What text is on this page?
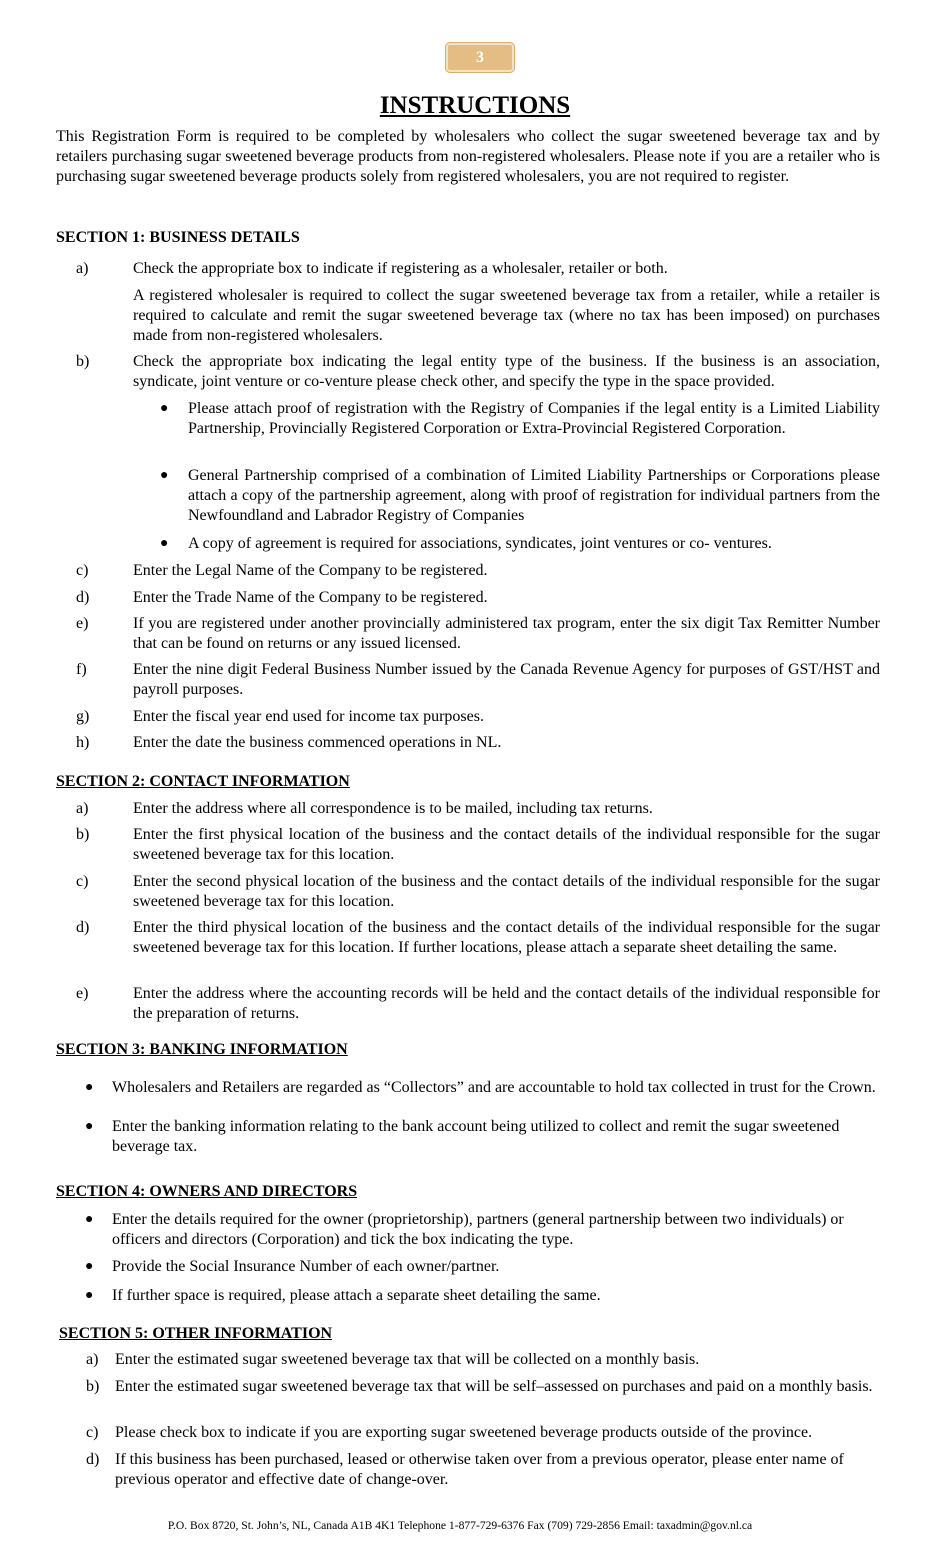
3
INSTRUCTIONS

This Registration Form is required to be completed by wholesalers who collect the sugar sweetened beverage tax and by retailers purchasing sugar sweetened beverage products from non-registered wholesalers. Please note if you are a retailer who is purchasing sugar sweetened beverage products solely from registered wholesalers, you are not required to register.

SECTION 1: BUSINESS DETAILS
a)	Check the appropriate box to indicate if registering as a wholesaler, retailer or both.
A registered wholesaler is required to collect the sugar sweetened beverage tax from a retailer, while a retailer is required to calculate and remit the sugar sweetened beverage tax (where no tax has been imposed) on purchases made from non-registered wholesalers.
b)	Check the appropriate box indicating the legal entity type of the business. If the business is an association, syndicate, joint venture or co-venture please check other, and specify the type in the space provided.
● Please attach proof of registration with the Registry of Companies if the legal entity is a Limited Liability Partnership, Provincially Registered Corporation or Extra-Provincial Registered Corporation.
● General Partnership comprised of a combination of Limited Liability Partnerships or Corporations please attach a copy of the partnership agreement, along with proof of registration for individual partners from the Newfoundland and Labrador Registry of Companies
● A copy of agreement is required for associations, syndicates, joint ventures or co- ventures.
c)	Enter the Legal Name of the Company to be registered.
d)	Enter the Trade Name of the Company to be registered.
e)	If you are registered under another provincially administered tax program, enter the six digit Tax Remitter Number that can be found on returns or any issued licensed.
f)	Enter the nine digit Federal Business Number issued by the Canada Revenue Agency for purposes of GST/HST and payroll purposes.
g)	Enter the fiscal year end used for income tax purposes.
h)	Enter the date the business commenced operations in NL.
SECTION 2: CONTACT INFORMATION
a)	Enter the address where all correspondence is to be mailed, including tax returns.
b)	Enter the first physical location of the business and the contact details of the individual responsible for the sugar sweetened beverage tax for this location.
c)	Enter the second physical location of the business and the contact details of the individual responsible for the sugar sweetened beverage tax for this location.
d)	Enter the third physical location of the business and the contact details of the individual responsible for the sugar sweetened beverage tax for this location. If further locations, please attach a separate sheet detailing the same.
e)	Enter the address where the accounting records will be held and the contact details of the individual responsible for the preparation of returns.
SECTION 3: BANKING INFORMATION
● Wholesalers and Retailers are regarded as “Collectors” and are accountable to hold tax collected in trust for the Crown.
● Enter the banking information relating to the bank account being utilized to collect and remit the sugar sweetened beverage tax.
SECTION 4: OWNERS AND DIRECTORS
● Enter the details required for the owner (proprietorship), partners (general partnership between two individuals) or officers and directors (Corporation) and tick the box indicating the type.
● Provide the Social Insurance Number of each owner/partner.
● If further space is required, please attach a separate sheet detailing the same.
SECTION 5: OTHER INFORMATION
a) Enter the estimated sugar sweetened beverage tax that will be collected on a monthly basis.
b) Enter the estimated sugar sweetened beverage tax that will be self–assessed on purchases and paid on a monthly basis.
c) Please check box to indicate if you are exporting sugar sweetened beverage products outside of the province.
d) If this business has been purchased, leased or otherwise taken over from a previous operator, please enter name of previous operator and effective date of change-over.
P.O. Box 8720, St. John’s, NL, Canada A1B 4K1 Telephone 1-877-729-6376 Fax (709) 729-2856 Email: taxadmin@gov.nl.ca
